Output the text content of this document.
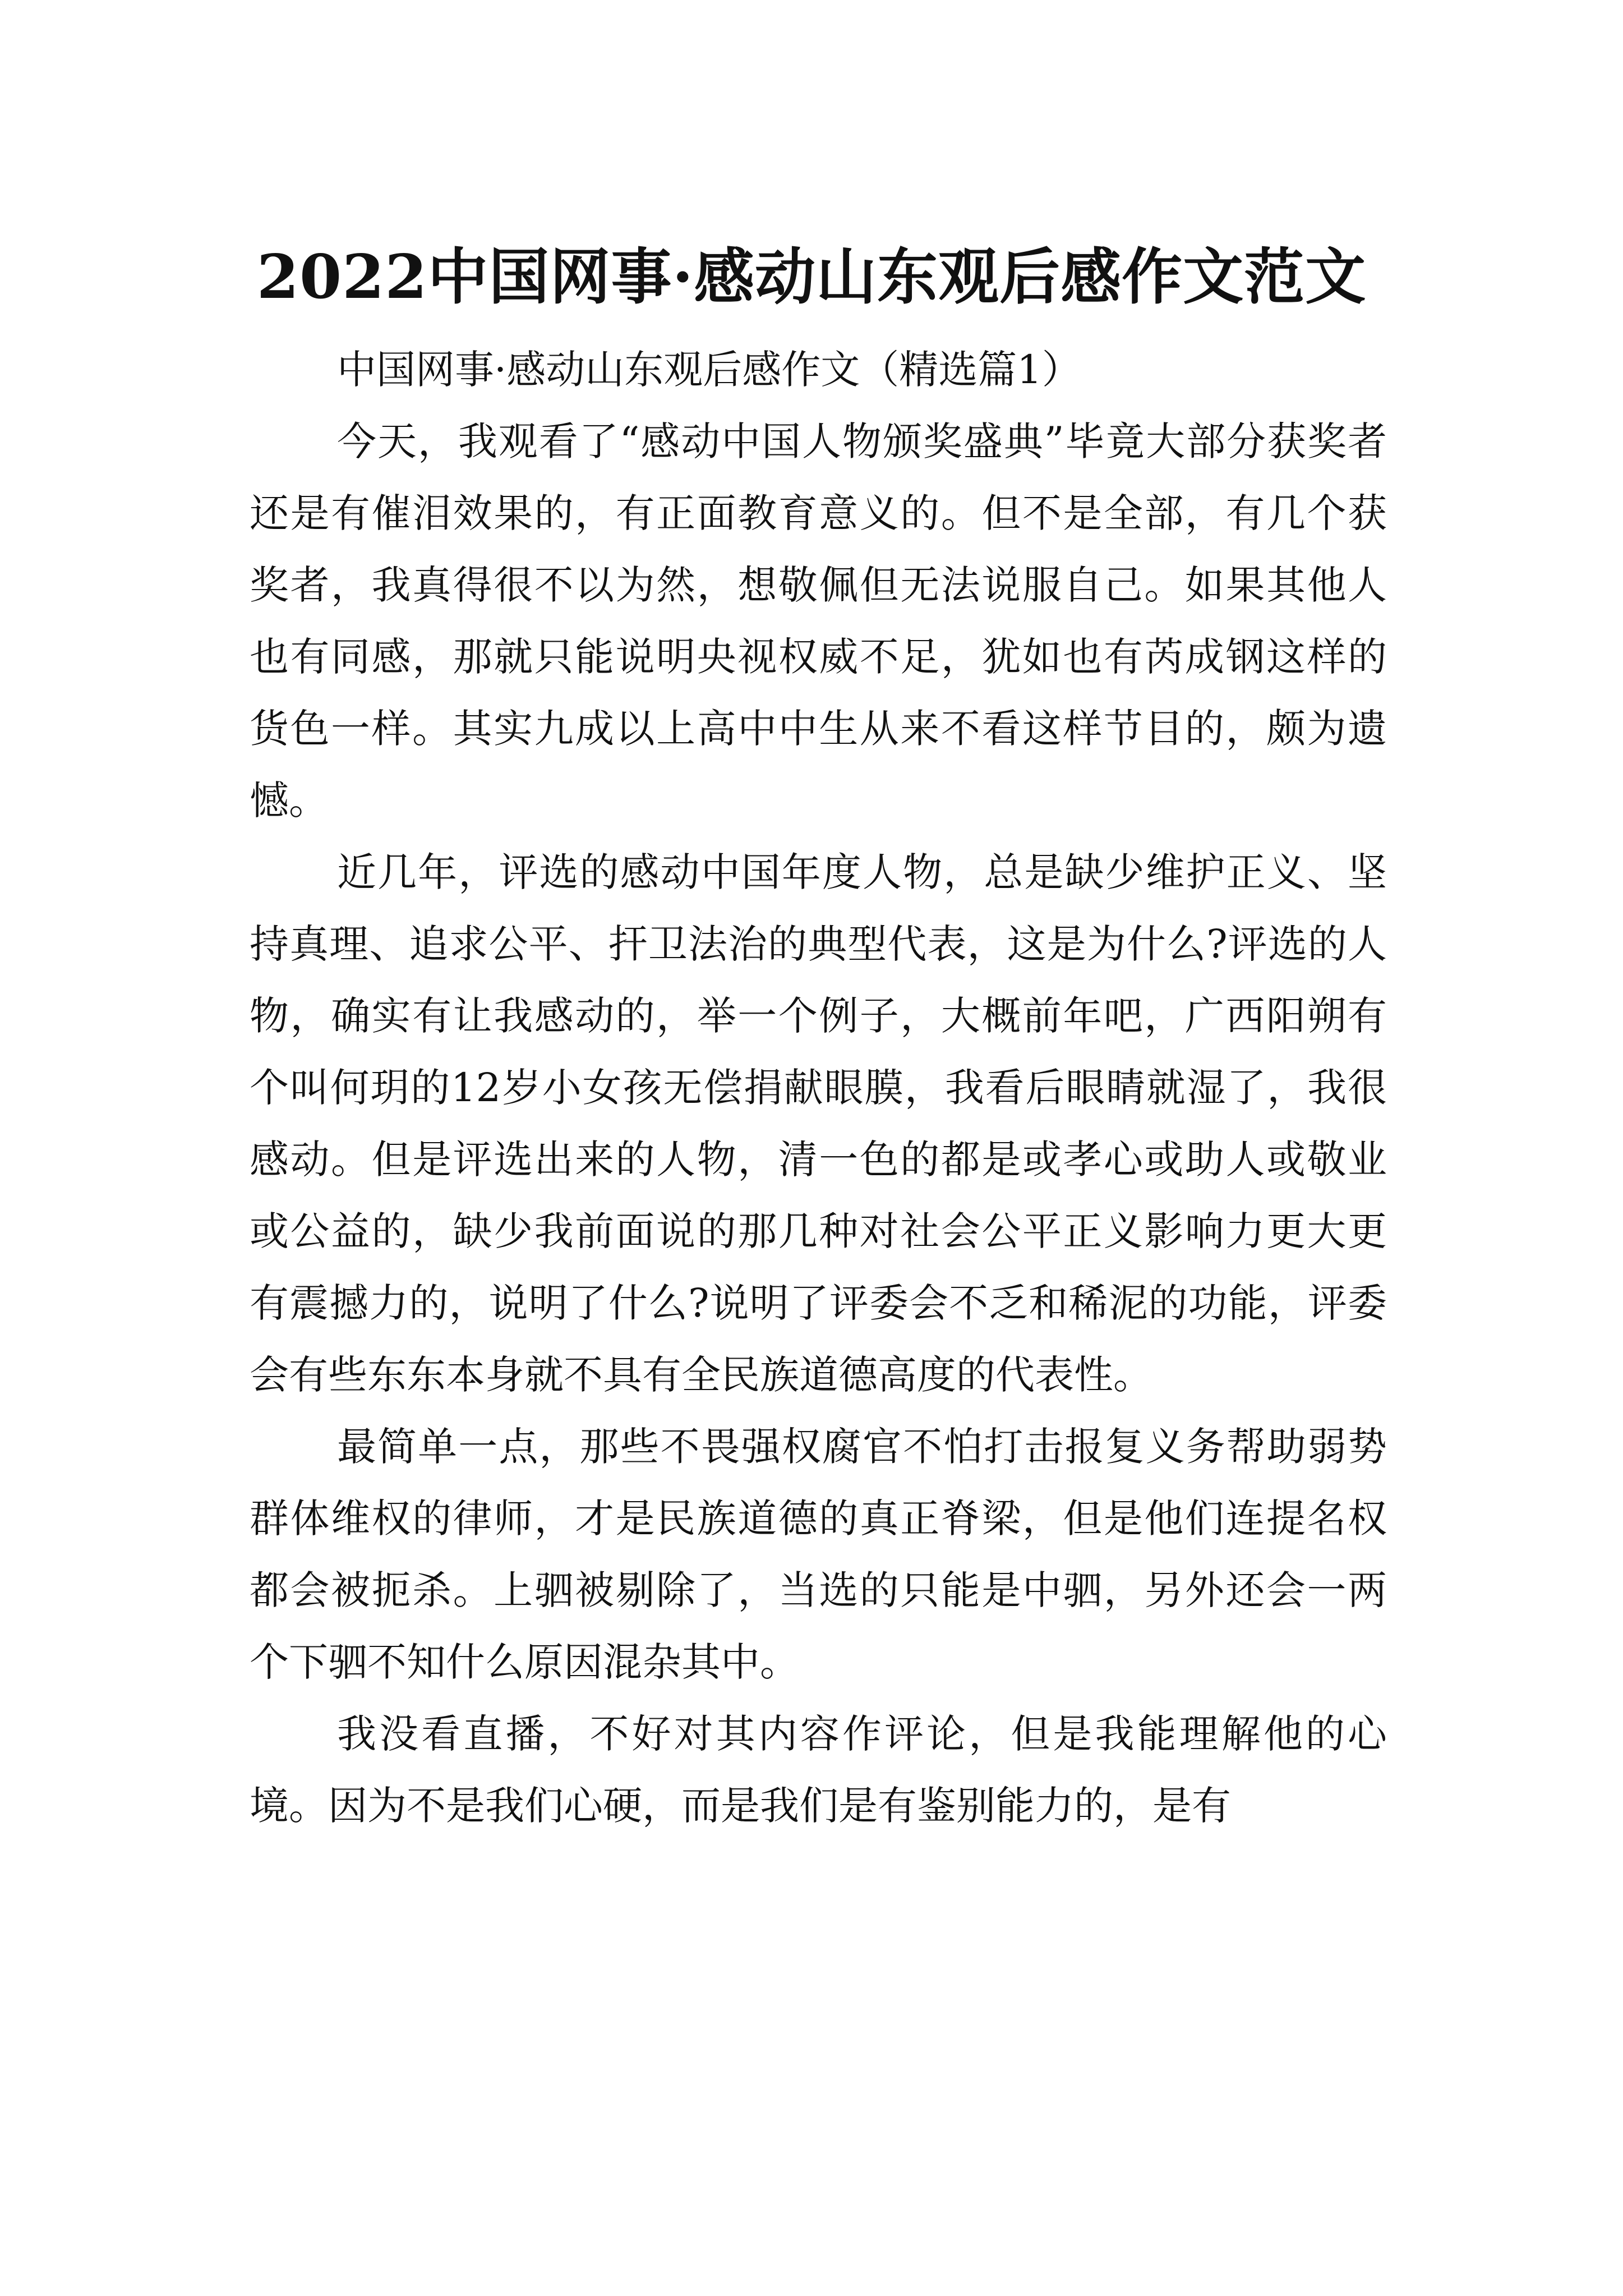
2022中国网事·感动山东观后感作文范文

中国网事·感动山东观后感作文（精选篇1）

今天，我观看了“感动中国人物颁奖盛典”毕竟大部分获奖者还是有催泪效果的，有正面教育意义的。但不是全部，有几个获奖者，我真得很不以为然，想敬佩但无法说服自己。如果其他人也有同感，那就只能说明央视权威不足，犹如也有芮成钢这样的货色一样。其实九成以上高中中生从来不看这样节目的，颇为遗憾。

近几年，评选的感动中国年度人物，总是缺少维护正义、坚持真理、追求公平、扞卫法治的典型代表，这是为什么?评选的人物，确实有让我感动的，举一个例子，大概前年吧，广西阳朔有个叫何玥的12岁小女孩无偿捐献眼膜，我看后眼睛就湿了，我很感动。但是评选出来的人物，清一色的都是或孝心或助人或敬业或公益的，缺少我前面说的那几种对社会公平正义影响力更大更有震撼力的，说明了什么?说明了评委会不乏和稀泥的功能，评委会有些东东本身就不具有全民族道德高度的代表性。

最简单一点，那些不畏强权腐官不怕打击报复义务帮助弱势群体维权的律师，才是民族道德的真正脊梁，但是他们连提名权都会被扼杀。上驷被剔除了，当选的只能是中驷，另外还会一两个下驷不知什么原因混杂其中。

我没看直播，不好对其内容作评论，但是我能理解他的心境。因为不是我们心硬，而是我们是有鉴别能力的，是有
